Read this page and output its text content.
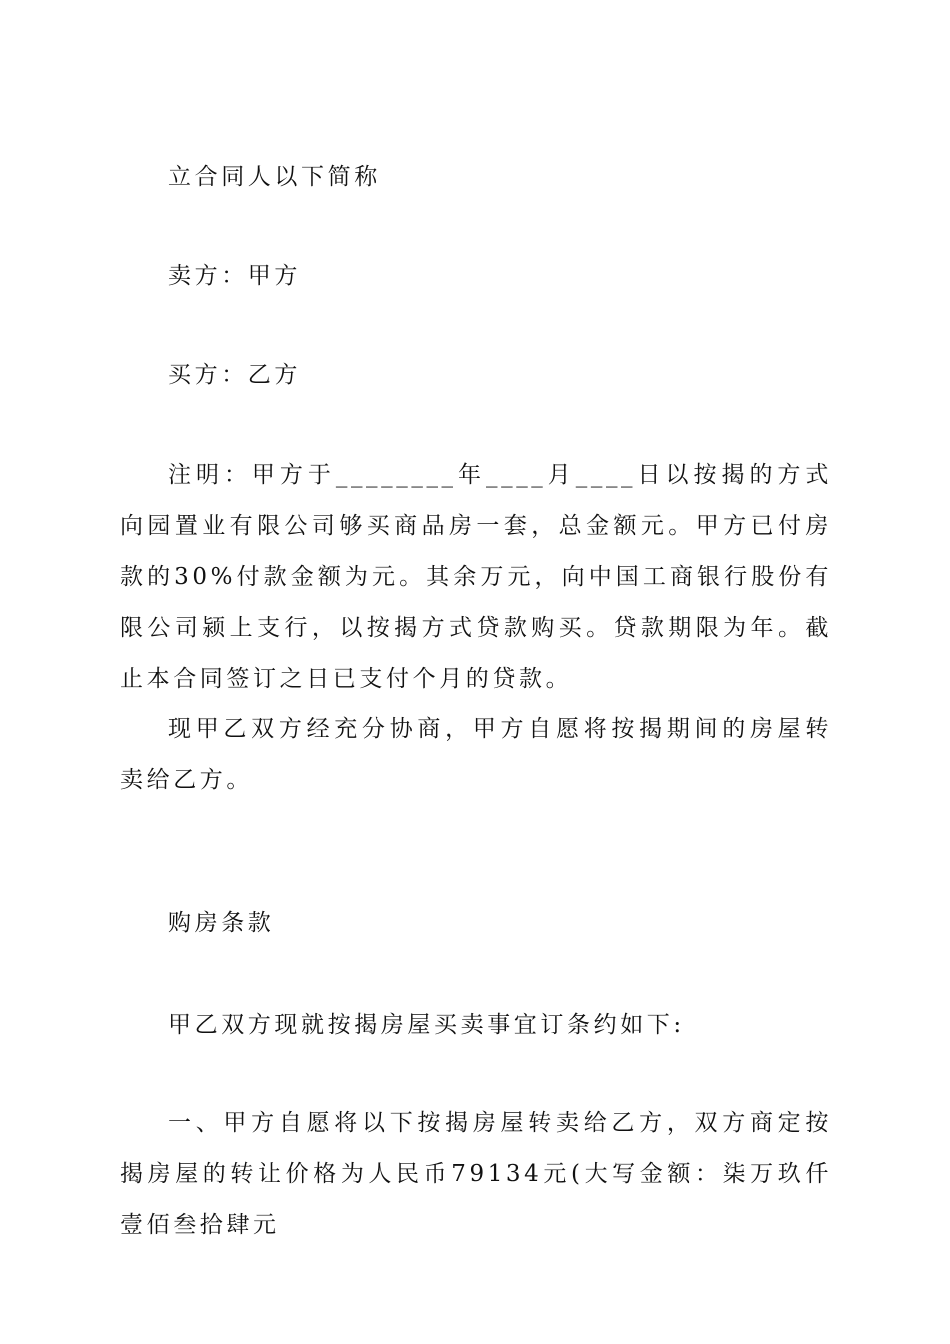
立合同人以下简称

卖方：甲方

买方：乙方

注明：甲方于________年____月____日以按揭的方式向园置业有限公司够买商品房一套，总金额元。甲方已付房款的30%付款金额为元。其余万元，向中国工商银行股份有限公司颍上支行，以按揭方式贷款购买。贷款期限为年。截止本合同签订之日已支付个月的贷款。

现甲乙双方经充分协商，甲方自愿将按揭期间的房屋转卖给乙方。

购房条款

甲乙双方现就按揭房屋买卖事宜订条约如下:

一、甲方自愿将以下按揭房屋转卖给乙方，双方商定按揭房屋的转让价格为人民币79134元(大写金额：柒万玖仟壹佰叁拾肆元
